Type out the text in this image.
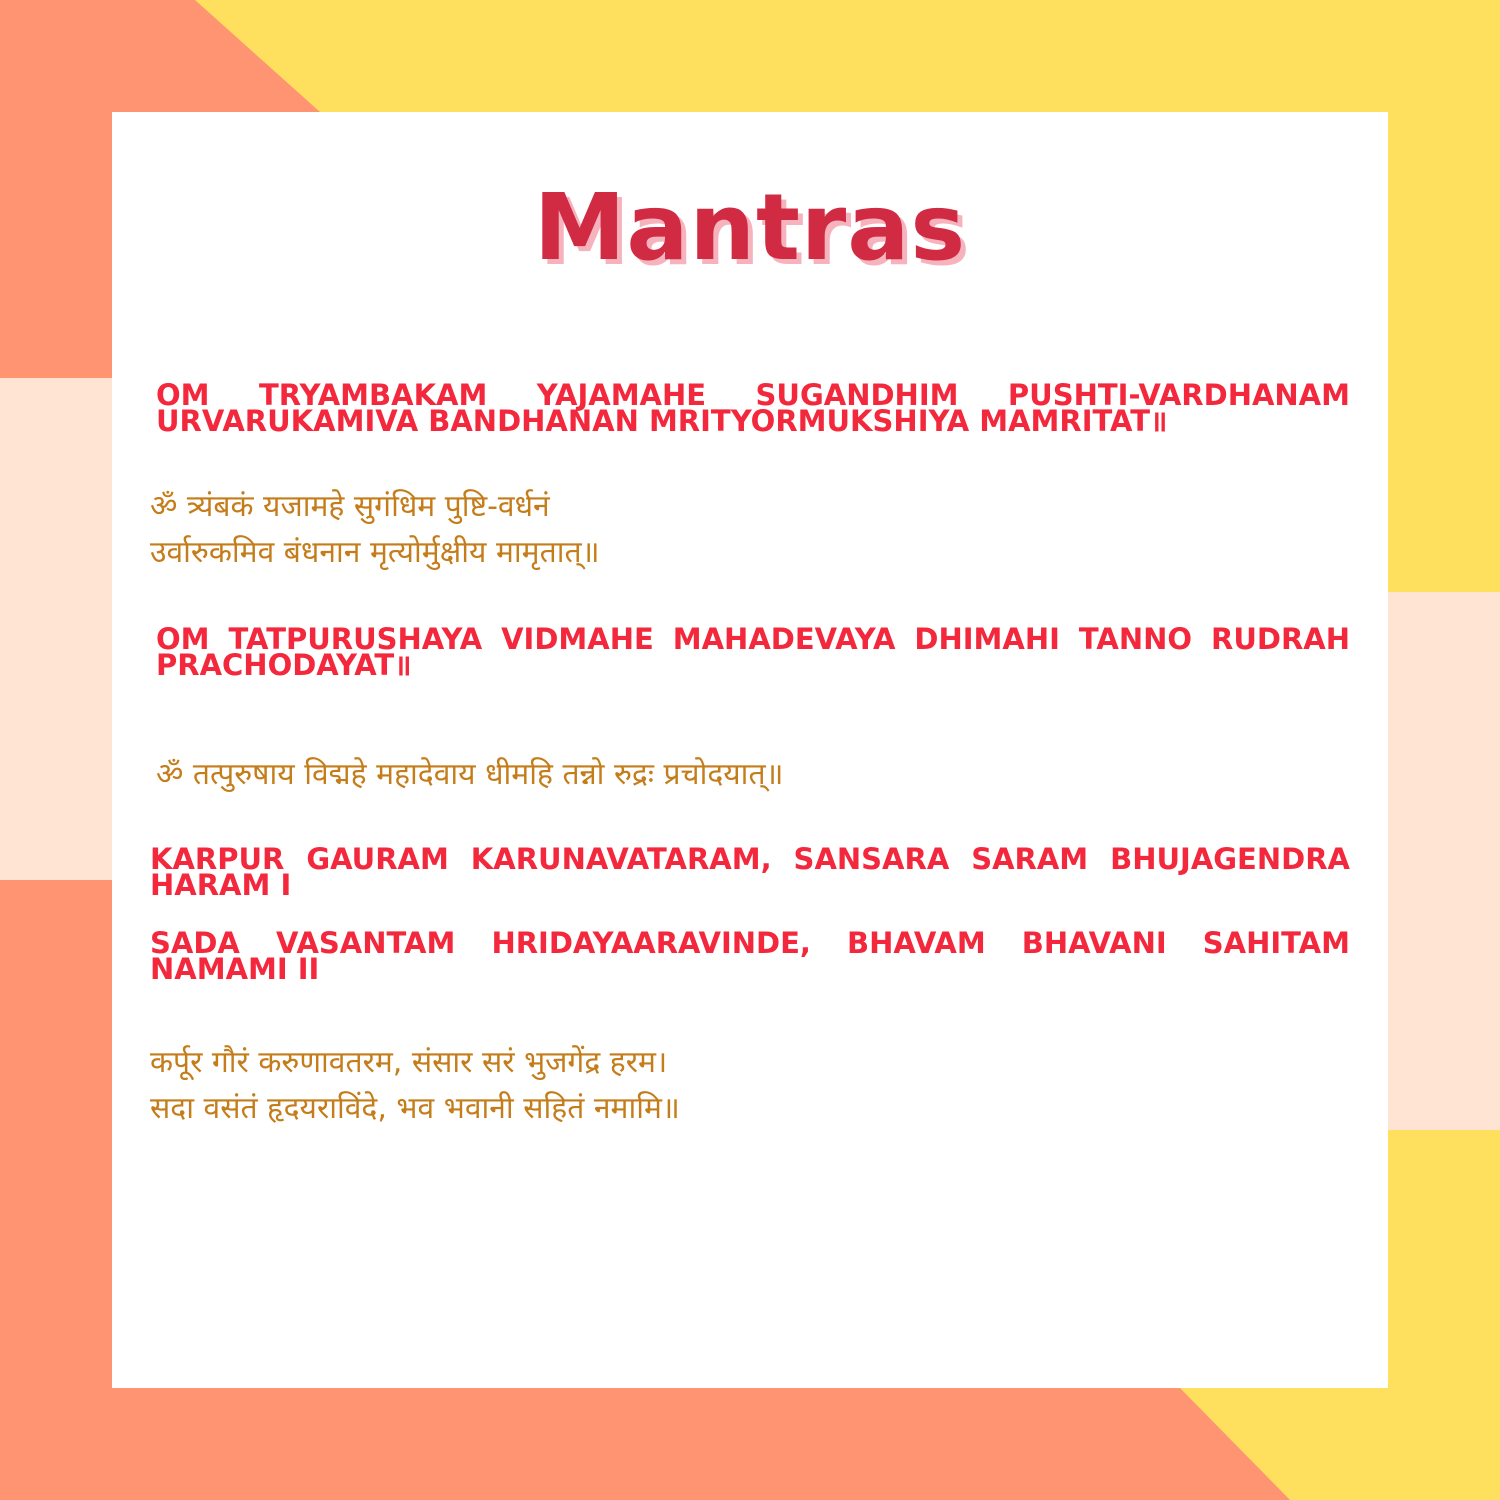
Mantras

OM TRYAMBAKAM YAJAMAHE SUGANDHIM PUSHTI-VARDHANAM URVARUKAMIVA BANDHANAN MRITYORMUKSHIYA MAMRITAT॥

ॐ त्र्यंबकं यजामहे सुगंधिम पुष्टि-वर्धनं
उर्वारुकमिव बंधनान मृत्योर्मुक्षीय मामृतात्॥

OM TATPURUSHAYA VIDMAHE MAHADEVAYA DHIMAHI TANNO RUDRAH PRACHODAYAT॥

ॐ तत्पुरुषाय विद्महे महादेवाय धीमहि तन्नो रुद्रः प्रचोदयात्॥

KARPUR GAURAM KARUNAVATARAM, SANSARA SARAM BHUJAGENDRA HARAM I

SADA VASANTAM HRIDAYAARAVINDE, BHAVAM BHAVANI SAHITAM NAMAMI II

कर्पूर गौरं करुणावतरम, संसार सरं भुजगेंद्र हरम।
सदा वसंतं हृदयराविंदे, भव भवानी सहितं नमामि॥
